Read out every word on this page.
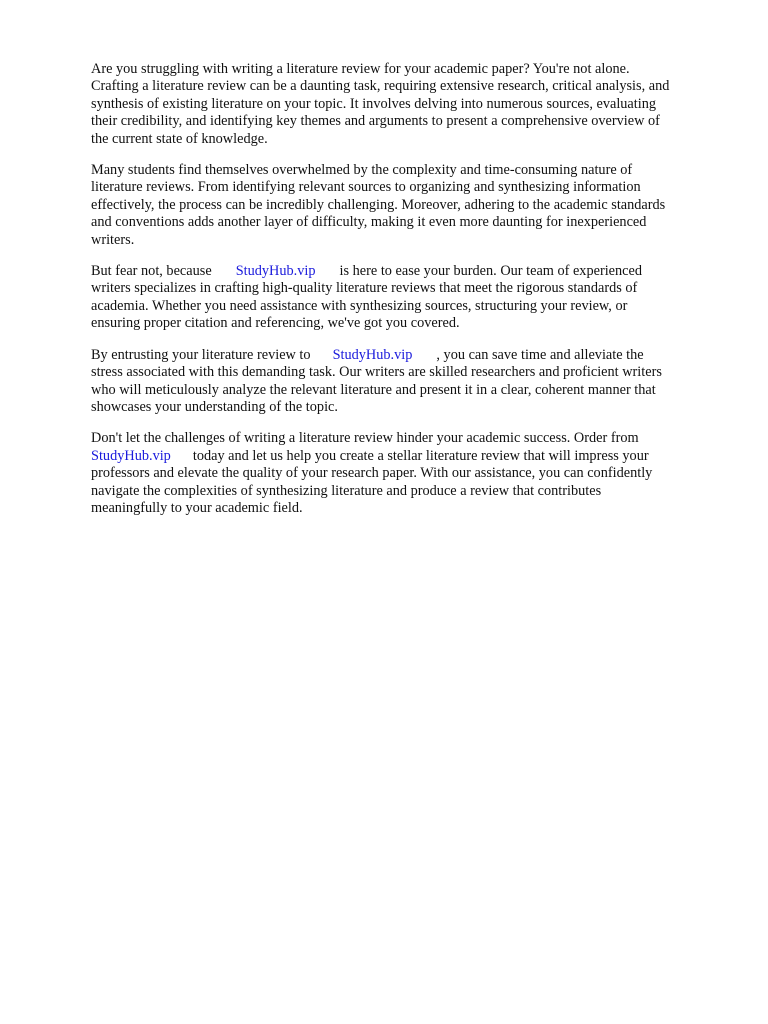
Are you struggling with writing a literature review for your academic paper? You're not alone.
Crafting a literature review can be a daunting task, requiring extensive research, critical analysis, and
synthesis of existing literature on your topic. It involves delving into numerous sources, evaluating
their credibility, and identifying key themes and arguments to present a comprehensive overview of
the current state of knowledge.

Many students find themselves overwhelmed by the complexity and time-consuming nature of
literature reviews. From identifying relevant sources to organizing and synthesizing information
effectively, the process can be incredibly challenging. Moreover, adhering to the academic standards
and conventions adds another layer of difficulty, making it even more daunting for inexperienced
writers.

But fear not, because StudyHub.vip is here to ease your burden. Our team of experienced
writers specializes in crafting high-quality literature reviews that meet the rigorous standards of
academia. Whether you need assistance with synthesizing sources, structuring your review, or
ensuring proper citation and referencing, we've got you covered.

By entrusting your literature review to StudyHub.vip , you can save time and alleviate the
stress associated with this demanding task. Our writers are skilled researchers and proficient writers
who will meticulously analyze the relevant literature and present it in a clear, coherent manner that
showcases your understanding of the topic.

Don't let the challenges of writing a literature review hinder your academic success. Order from
StudyHub.vip today and let us help you create a stellar literature review that will impress your
professors and elevate the quality of your research paper. With our assistance, you can confidently
navigate the complexities of synthesizing literature and produce a review that contributes
meaningfully to your academic field.
